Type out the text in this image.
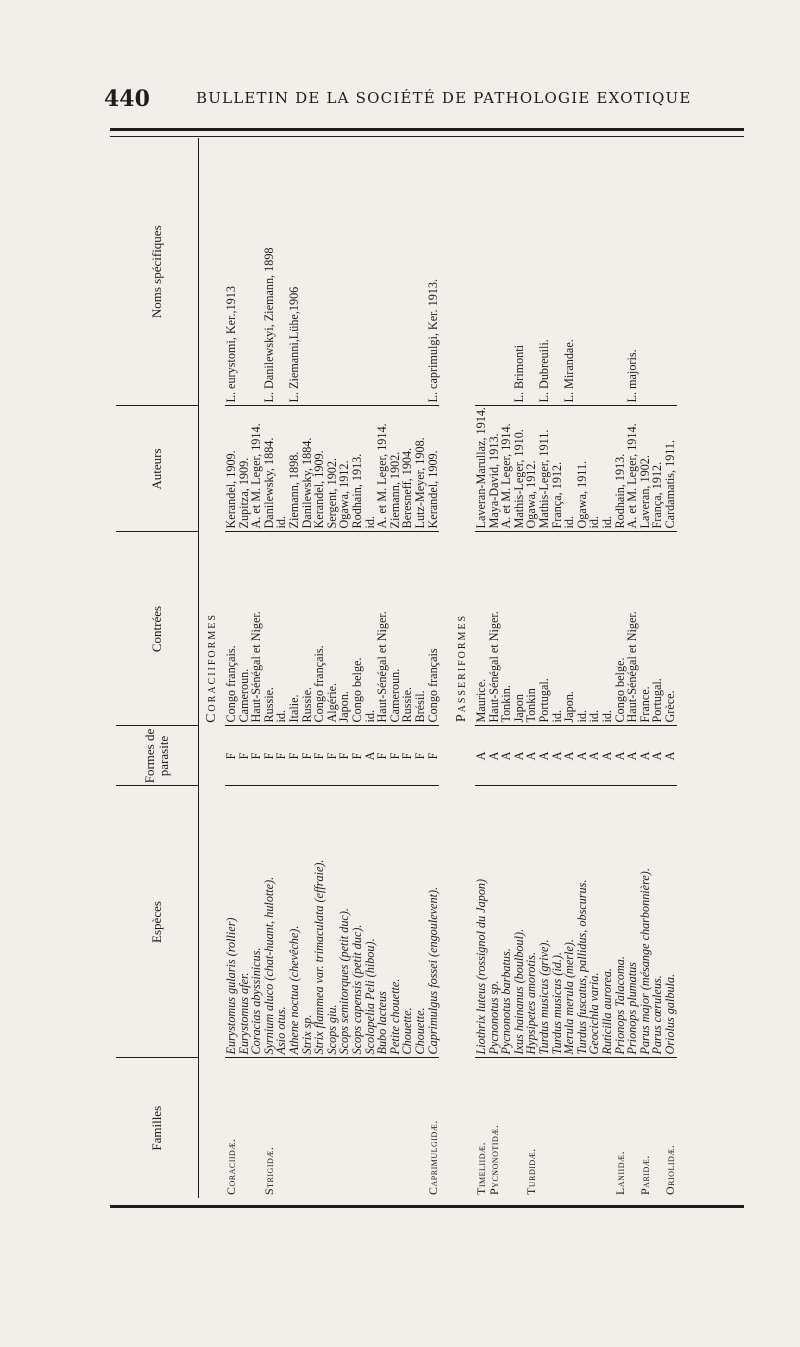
440	BULLETIN DE LA SOCIÉTÉ DE PATHOLOGIE EXOTIQUE
Familles	Espèces	Formes de parasite	Contrées	Auteurs	Noms spécifiques
Coraciiformes					
Coraciidæ.	Eurystomus gularis (rollier)	F	Congo français.	Kerandel, 1909.	L. eurystomi, Ker.,1913
	Eurystomus afer.	F	Cameroun.	Zupitza, 1909.	
	Coracias abyssinicus.	F	Haut-Sénégal et Niger.	A. et M. Leger, 1914.	
Strigidæ.	Syrnium aluco (chat-huant, hulotte).	F	Russie.	Danilewsky, 1884.	L. Danilewskyi, Ziemann, 1898
	Asio otus.	F	id.	id.	
	Athene noctua (chevêche).	F	Italie.	Ziemann, 1898.	L. Ziemanni,Lühe,1906
	Strix sp.	F	Russie.	Danilewsky, 1884.	
	Strix flammea var. trimaculata (effraie).	F	Congo français.	Kerandel, 1909.	
	Scops giu.	F	Algérie.	Sergent, 1902.	
	Scops semitorques (petit duc).	F	Japon.	Ogawa, 1912.	
	Scops capensis (petit duc).	F	Congo belge.	Rodhain, 1913.	
	Scolopelia Peli (hibou).	A	id.	id.	
	Bubo lacteus	F	Haut-Sénégal et Niger.	A. et M. Leger, 1914.	
	Petite chouette.	F	Cameroun.	Ziemann, 1902.	
	Chouette.	F	Russie.	Beresneff, 1904.	
	Chouette.	F	Brésil.	Lutz-Meyer, 1908.	
Caprimulgidæ.	Caprimulgus fossei (engoulevent).	F	Congo français	Kerandel, 1909.	L. caprimulgi, Ker. 1913.

Passeriformes					
Timeliidæ.	Liothrix luteus (rossignol du Japon)	A	Maurice.	Laveran-Marullaz, 1914.	
Pycnonotidæ.	Pycnonotus sp.	A	Haut-Sénégal et Niger.	Maya-David, 1913.	
	Pycnonotus barbatus.	A	Tonkin.	A. et M. Leger, 1914.	
	Ixus hainanus (boulboul).	A	Japon	Mathis-Leger, 1910.	L. Brimonti
Turdidæ.	Hypsipetes amorotis.	A	Tonkin	Ogawa, 1912.	
	Turdus musicus (grive).	A	Portugal.	Mathis-Leger, 1911.	L. Dubreuili.
	Turdus musicus (id.).	A	id.	França, 1912.	
	Merula merula (merle).	A	Japon.	id.	L. Mirandae.
	Turdus fuscatus, pallidus, obscurus.	A	id.	Ogawa, 1911.	
	Geocichla varia.	A	id.	id.	
	Ruticilla aurorea.	A	id.	id.	
Laniidæ.	Prionops Talacoma.	A	Congo belge.	Rodhain, 1913.	
	Prionops plumatus	A	Haut-Sénégal et Niger.	A. et M. Leger, 1914.	L. majoris.
Paridæ.	Parus major (mésange charbonnière).	A	France.	Laveran, 1902.	
	Parus cœruleus.	A	Portugal.	França, 1912.	
Oriolidæ.	Oriolus galbula.	A	Grèce.	Cardamatis, 1911.	
